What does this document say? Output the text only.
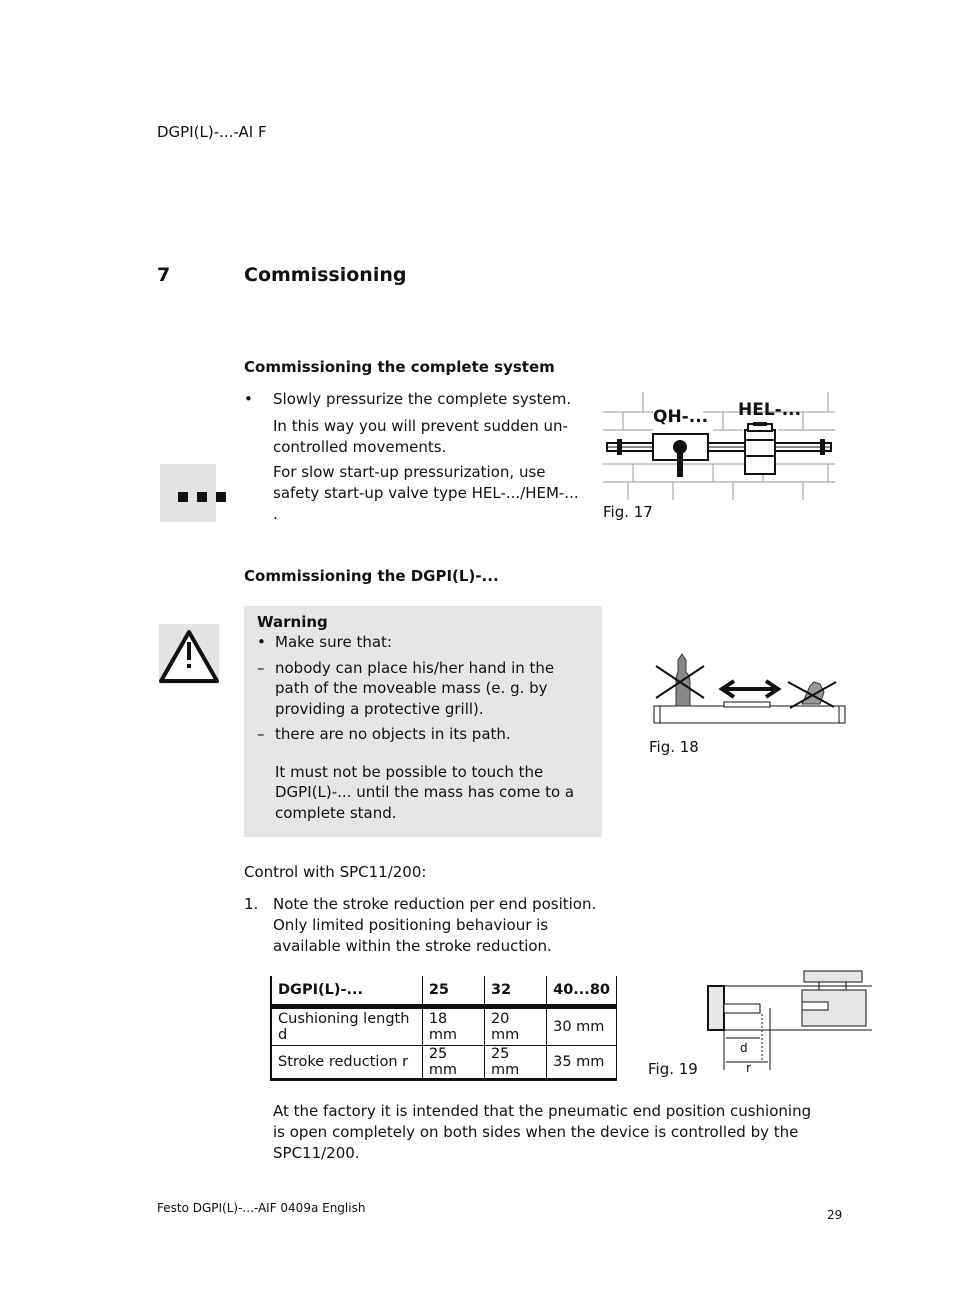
DGPI(L)-...-AI F
7	Commissioning
Commissioning the complete system
• Slowly pressurize the complete system.
In this way you will prevent sudden un-controlled movements.
For slow start-up pressurization, use safety start-up valve type HEL-.../HEM-... .
QH-... HEL-...
Fig. 17
Commissioning the DGPI(L)-...
Warning
• Make sure that:
– nobody can place his/her hand in the path of the moveable mass (e. g. by providing a protective grill).
– there are no objects in its path.
It must not be possible to touch the DGPI(L)-... until the mass has come to a complete stand.
Fig. 18
Control with SPC11/200:
1. Note the stroke reduction per end position. Only limited positioning behaviour is available within the stroke reduction.
DGPI(L)-...	25	32	40...80
Cushioning length d	18 mm	20 mm	30 mm
Stroke reduction r	25 mm	25 mm	35 mm
d
r
Fig. 19
At the factory it is intended that the pneumatic end position cushioning is open completely on both sides when the device is controlled by the SPC11/200.
Festo DGPI(L)-...-AIF 0409a English	29
